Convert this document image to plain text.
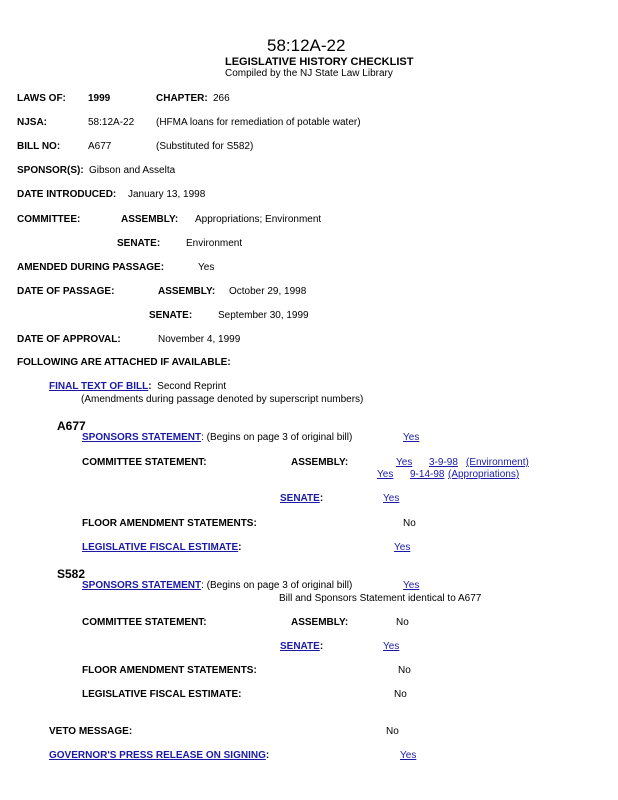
58:12A-22
LEGISLATIVE HISTORY CHECKLIST
Compiled by the NJ State Law Library
LAWS OF: 1999	CHAPTER: 266
NJSA:	58:12A-22 (HFMA loans for remediation of potable water)
BILL NO:	A677	(Substituted for S582)
SPONSOR(S): Gibson and Asselta
DATE INTRODUCED: January 13, 1998
COMMITTEE:	ASSEMBLY: Appropriations; Environment
SENATE:	Environment
AMENDED DURING PASSAGE:	Yes
DATE OF PASSAGE:	ASSEMBLY: October 29, 1998
SENATE:	September 30, 1999
DATE OF APPROVAL:	November 4, 1999
FOLLOWING ARE ATTACHED IF AVAILABLE:
FINAL TEXT OF BILL: Second Reprint
(Amendments during passage denoted by superscript numbers)
A677
SPONSORS STATEMENT: (Begins on page 3 of original bill)	Yes
COMMITTEE STATEMENT:	ASSEMBLY:	Yes 3-9-98 (Environment)
Yes 9-14-98 (Appropriations)
SENATE:	Yes
FLOOR AMENDMENT STATEMENTS:	No
LEGISLATIVE FISCAL ESTIMATE:	Yes
S582
SPONSORS STATEMENT: (Begins on page 3 of original bill)	Yes
Bill and Sponsors Statement identical to A677
COMMITTEE STATEMENT:	ASSEMBLY:	No
SENATE:	Yes
FLOOR AMENDMENT STATEMENTS:	No
LEGISLATIVE FISCAL ESTIMATE:	No
VETO MESSAGE:	No
GOVERNOR'S PRESS RELEASE ON SIGNING:	Yes
